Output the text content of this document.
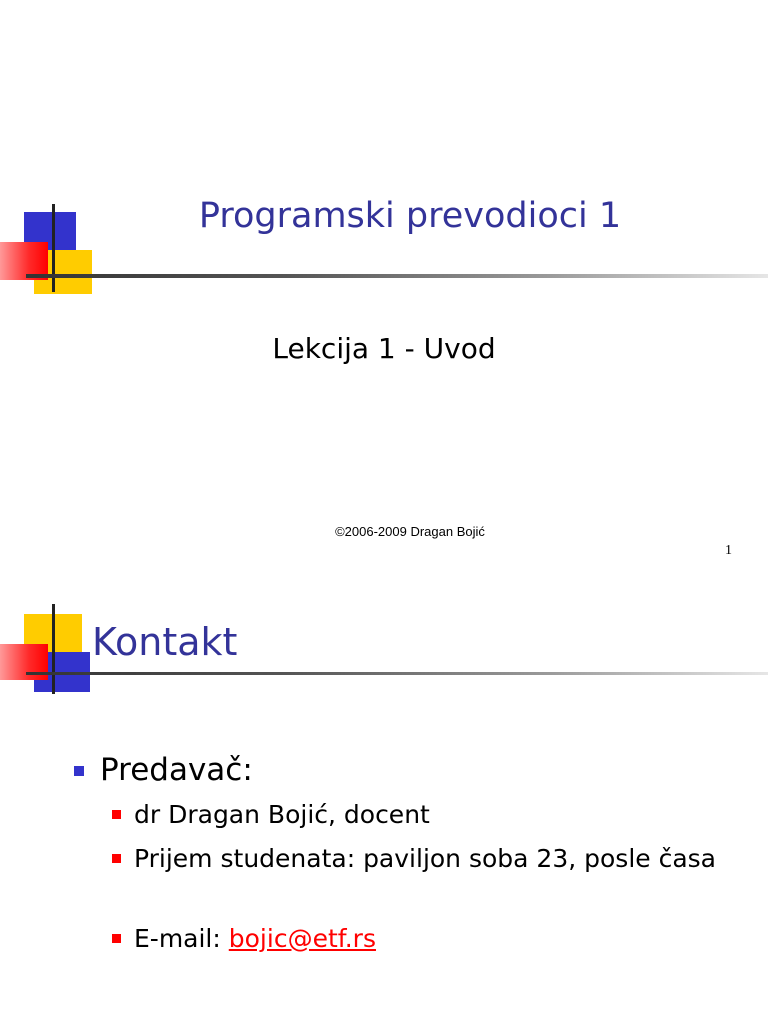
Programski prevodioci 1
Lekcija 1 - Uvod
©2006-2009 Dragan Bojić
1
Kontakt
Predavač:
dr Dragan Bojić, docent
Prijem studenata: paviljon soba 23, posle časa
E-mail: bojic@etf.rs
